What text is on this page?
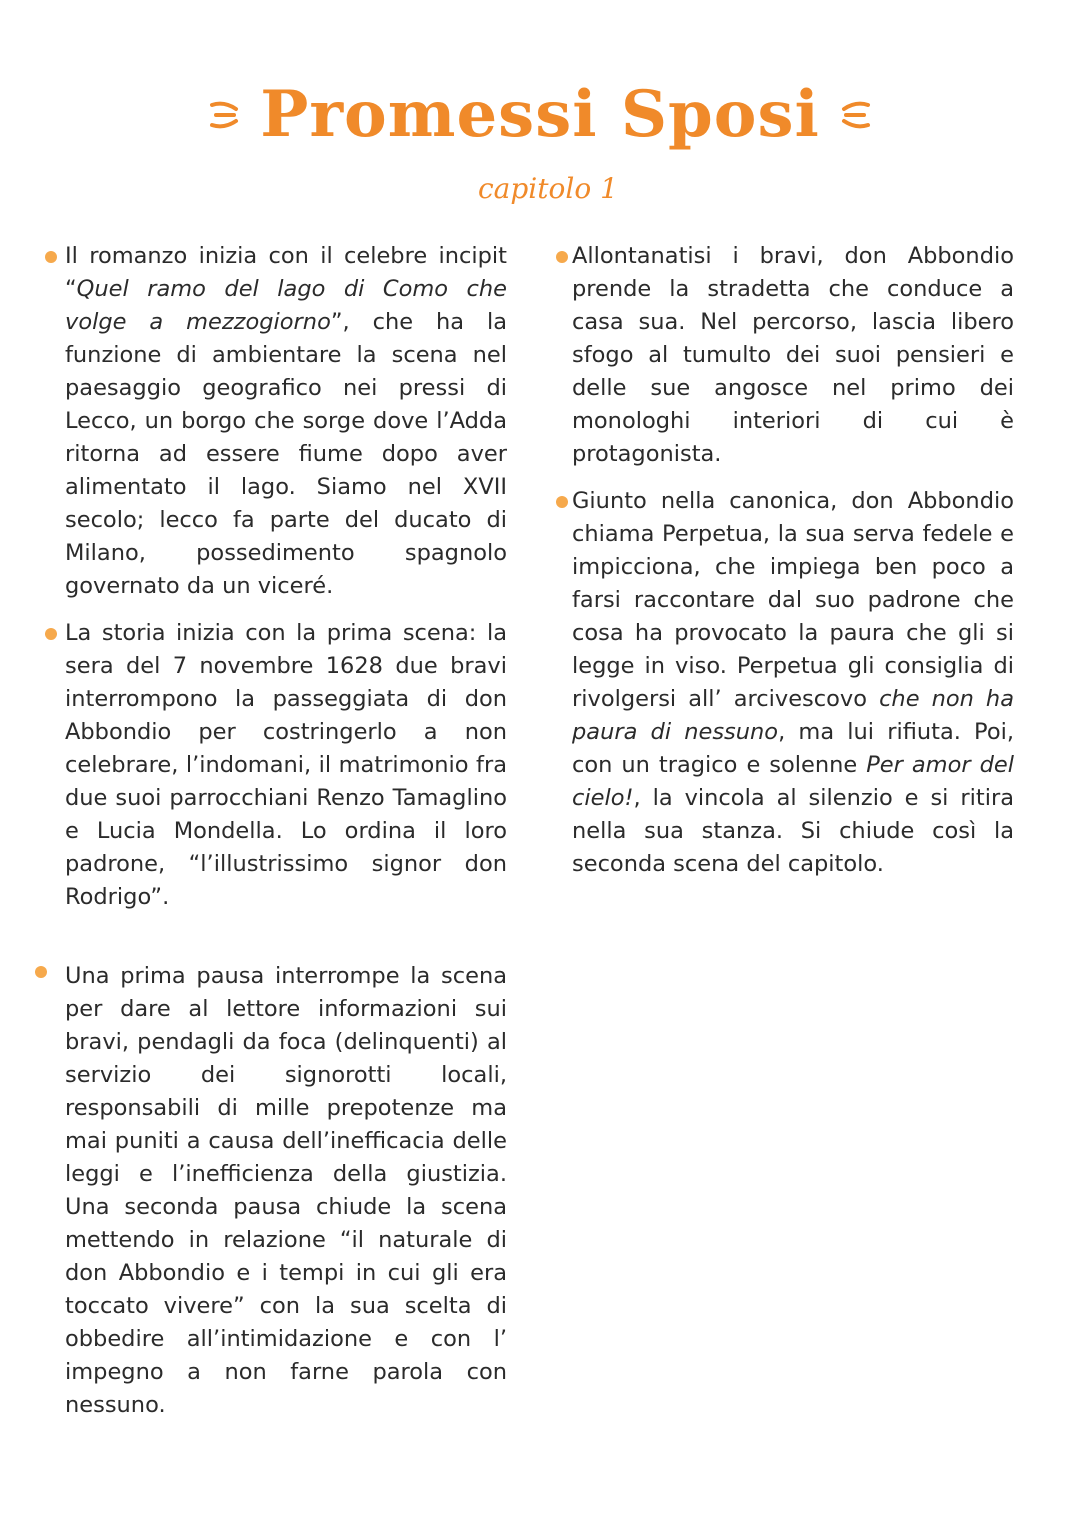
Promessi Sposi
capitolo 1

Il romanzo inizia con il celebre incipit “Quel ramo del lago di Como che volge a mezzogiorno”, che ha la funzione di ambientare la scena nel paesaggio geografico nei pressi di Lecco, un borgo che sorge dove l’Adda ritorna ad essere fiume dopo aver alimentato il lago. Siamo nel XVII secolo; lecco fa parte del ducato di Milano, possedimento spagnolo governato da un viceré.

La storia inizia con la prima scena: la sera del 7 novembre 1628 due bravi interrompono la passeggiata di don Abbondio per costringerlo a non celebrare, l’indomani, il matrimonio fra due suoi parrocchiani Renzo Tamaglino e Lucia Mondella. Lo ordina il loro padrone, “l’illustrissimo signor don Rodrigo”.

Una prima pausa interrompe la scena per dare al lettore informazioni sui bravi, pendagli da foca (delinquenti) al servizio dei signorotti locali, responsabili di mille prepotenze ma mai puniti a causa dell’inefficacia delle leggi e l’inefficienza della giustizia. Una seconda pausa chiude la scena mettendo in relazione “il naturale di don Abbondio e i tempi in cui gli era toccato vivere” con la sua scelta di obbedire all’intimidazione e con l’ impegno a non farne parola con nessuno.

Allontanatisi i bravi, don Abbondio prende la stradetta che conduce a casa sua. Nel percorso, lascia libero sfogo al tumulto dei suoi pensieri e delle sue angosce nel primo dei monologhi interiori di cui è protagonista.

Giunto nella canonica, don Abbondio chiama Perpetua, la sua serva fedele e impicciona, che impiega ben poco a farsi raccontare dal suo padrone che cosa ha provocato la paura che gli si legge in viso. Perpetua gli consiglia di rivolgersi all’ arcivescovo che non ha paura di nessuno, ma lui rifiuta. Poi, con un tragico e solenne Per amor del cielo!, la vincola al silenzio e si ritira nella sua stanza. Si chiude così la seconda scena del capitolo.
